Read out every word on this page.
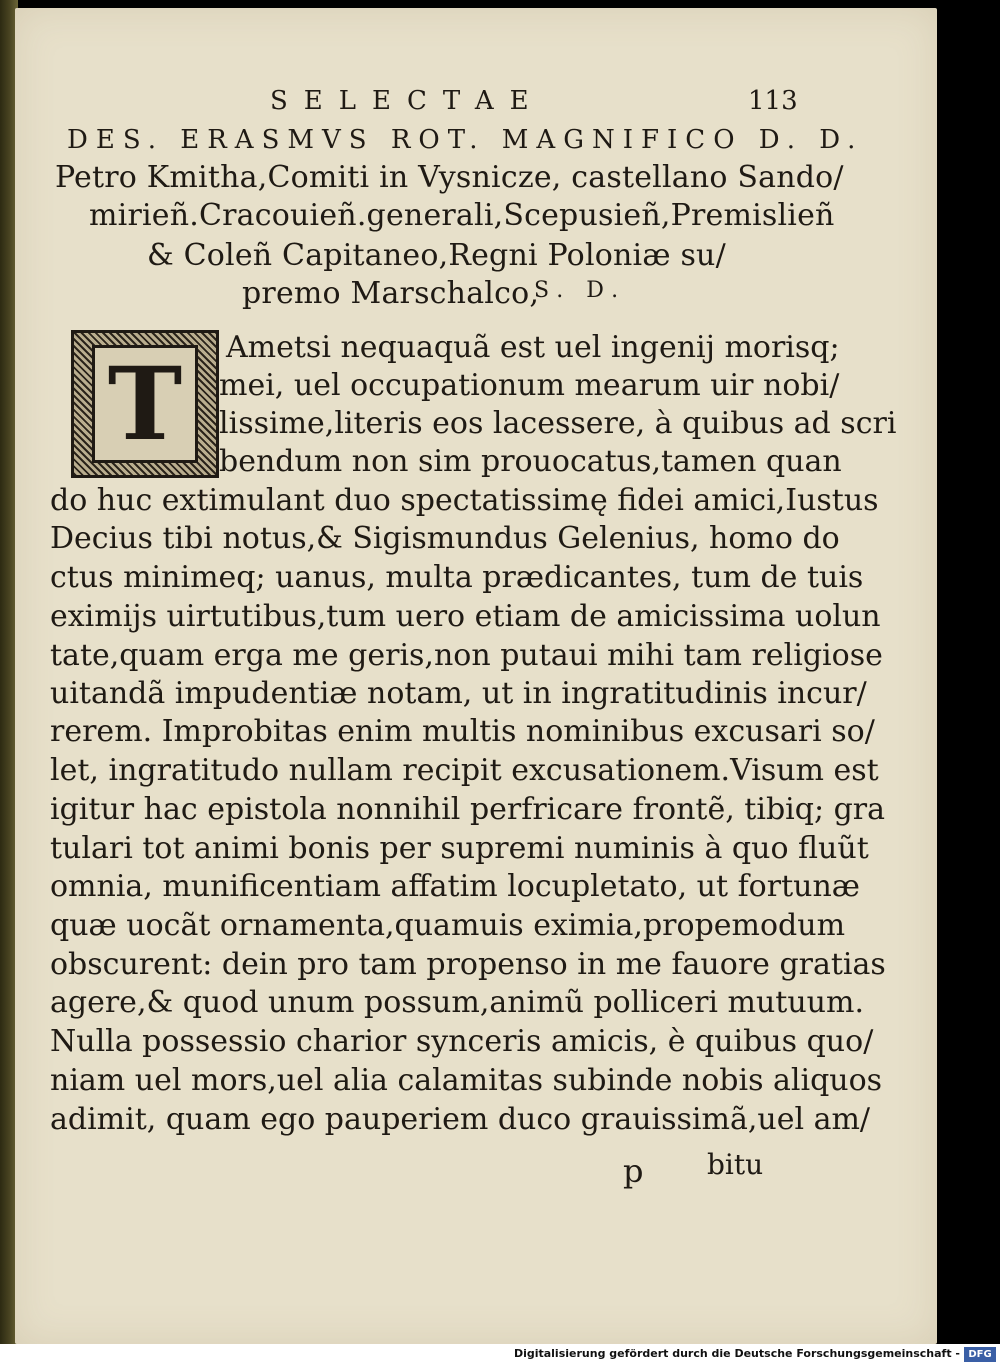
SELECTAE	113
DES. ERASMVS ROT. MAGNIFICO D. D.
Petro Kmitha,Comiti in Vysnicze, castellano Sando/
mirieñ.Cracouieñ.generali,Scepusieñ,Premislieñ
& Coleñ Capitaneo,Regni Poloniæ su/
premo Marschalco,
S. D.
T	Ametsi nequaquã est uel ingenij morisq;
mei, uel occupationum mearum uir nobi/
lissime,literis eos lacessere, à quibus ad scri
bendum non sim prouocatus,tamen quan
do huc extimulant duo spectatissimę fidei amici,Iustus
Decius tibi notus,& Sigismundus Gelenius, homo do
ctus minimeq; uanus, multa prædicantes, tum de tuis
eximijs uirtutibus,tum uero etiam de amicissima uolun
tate,quam erga me geris,non putaui mihi tam religiose
uitandã impudentiæ notam, ut in ingratitudinis incur/
rerem. Improbitas enim multis nominibus excusari so/
let, ingratitudo nullam recipit excusationem.Visum est
igitur hac epistola nonnihil perfricare frontẽ, tibiq; gra
tulari tot animi bonis per supremi numinis à quo fluũt
omnia, munificentiam affatim locupletato, ut fortunæ
quæ uocãt ornamenta,quamuis eximia,propemodum
obscurent: dein pro tam propenso in me fauore gratias
agere,& quod unum possum,animũ polliceri mutuum.
Nulla possessio charior synceris amicis, è quibus quo/
niam uel mors,uel alia calamitas subinde nobis aliquos
adimit, quam ego pauperiem duco grauissimã,uel am/
p bitu
Digitalisierung gefördert durch die Deutsche Forschungsgemeinschaft - DFG
